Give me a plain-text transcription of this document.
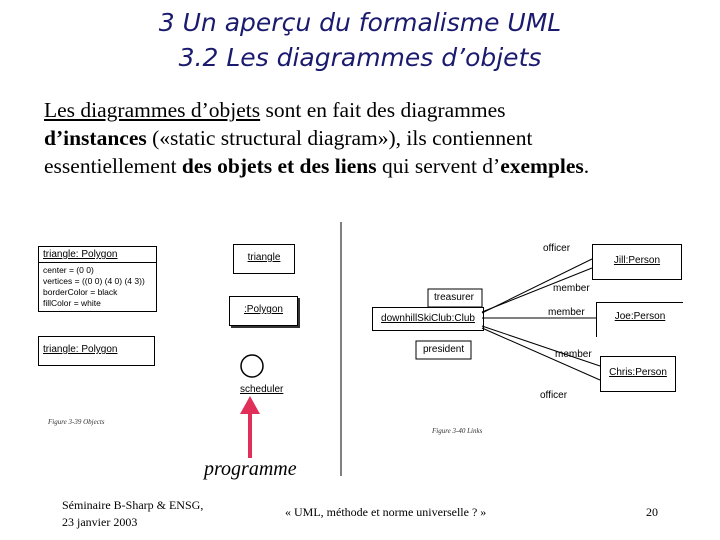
3 Un aperçu du formalisme UML
3.2 Les diagrammes d’objets
Les diagrammes d’objets sont en fait des diagrammes
d’instances («static structural diagram»), ils contiennent
essentiellement des objets et des liens qui servent d’exemples.
triangle: Polygon
center = (0 0)
vertices = ((0 0) (4 0) (4 3))
borderColor = black
fillColor = white
triangle
:Polygon
triangle: Polygon
scheduler
Figure 3-39 Objects
downhillSkiClub:Club
Jill:Person
Joe:Person
Chris:Person
treasurer
president
officer
member
member
member
officer
Figure 3-40 Links
programme
Séminaire B-Sharp & ENSG,
23 janvier 2003
« UML, méthode et norme universelle ? »	20
